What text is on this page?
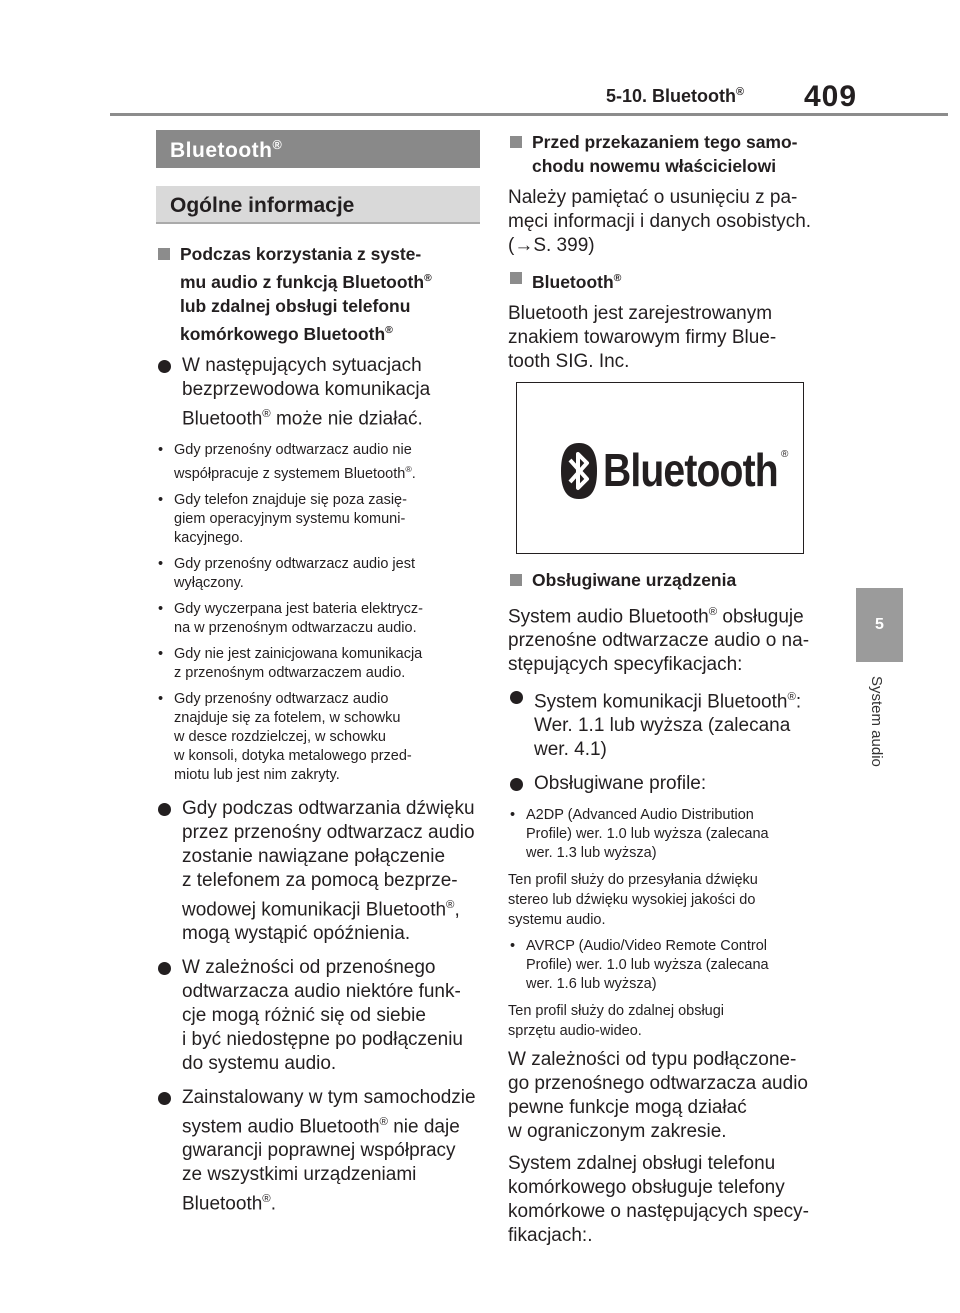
5-10. Bluetooth® 409
5
System audio
Bluetooth®
Ogólne informacje
Podczas korzystania z syste-
mu audio z funkcją Bluetooth®
lub zdalnej obsługi telefonu
komórkowego Bluetooth®
W następujących sytuacjach
bezprzewodowa komunikacja
Bluetooth® może nie działać.
• Gdy przenośny odtwarzacz audio nie
współpracuje z systemem Bluetooth®.
• Gdy telefon znajduje się poza zasię-
giem operacyjnym systemu komuni-
kacyjnego.
• Gdy przenośny odtwarzacz audio jest
wyłączony.
• Gdy wyczerpana jest bateria elektrycz-
na w przenośnym odtwarzaczu audio.
• Gdy nie jest zainicjowana komunikacja
z przenośnym odtwarzaczem audio.
• Gdy przenośny odtwarzacz audio
znajduje się za fotelem, w schowku
w desce rozdzielczej, w schowku
w konsoli, dotyka metalowego przed-
miotu lub jest nim zakryty.
Gdy podczas odtwarzania dźwięku
przez przenośny odtwarzacz audio
zostanie nawiązane połączenie
z telefonem za pomocą bezprze-
wodowej komunikacji Bluetooth®,
mogą wystąpić opóźnienia.
W zależności od przenośnego
odtwarzacza audio niektóre funk-
cje mogą różnić się od siebie
i być niedostępne po podłączeniu
do systemu audio.
Zainstalowany w tym samochodzie
system audio Bluetooth® nie daje
gwarancji poprawnej współpracy
ze wszystkimi urządzeniami
Bluetooth®.
Przed przekazaniem tego samo-
chodu nowemu właścicielowi
Należy pamiętać o usunięciu z pa-
męci informacji i danych osobistych.
(→S. 399)
Bluetooth®
Bluetooth jest zarejestrowanym
znakiem towarowym firmy Blue-
tooth SIG. Inc.
Bluetooth ®
Obsługiwane urządzenia
System audio Bluetooth® obsługuje
przenośne odtwarzacze audio o na-
stępujących specyfikacjach:
System komunikacji Bluetooth®:
Wer. 1.1 lub wyższa (zalecana
wer. 4.1)
Obsługiwane profile:
• A2DP (Advanced Audio Distribution
Profile) wer. 1.0 lub wyższa (zalecana
wer. 1.3 lub wyższa)
Ten profil służy do przesyłania dźwięku
stereo lub dźwięku wysokiej jakości do
systemu audio.
• AVRCP (Audio/Video Remote Control
Profile) wer. 1.0 lub wyższa (zalecana
wer. 1.6 lub wyższa)
Ten profil służy do zdalnej obsługi
sprzętu audio-wideo.
W zależności od typu podłączone-
go przenośnego odtwarzacza audio
pewne funkcje mogą działać
w ograniczonym zakresie.
System zdalnej obsługi telefonu
komórkowego obsługuje telefony
komórkowe o następujących specy-
fikacjach:.
